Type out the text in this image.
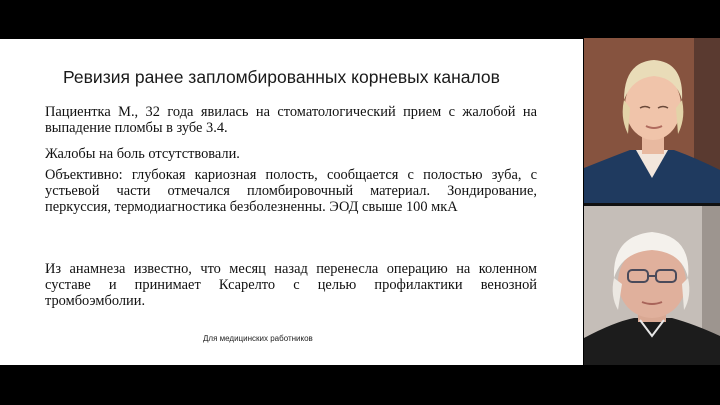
Ревизия ранее запломбированных корневых каналов
Пациентка М., 32 года явилась на стоматологический прием с жалобой на выпадение пломбы в зубе 3.4.
Жалобы на боль отсутствовали.
Объективно: глубокая кариозная полость, сообщается с полостью зуба, с устьевой части отмечался пломбировочный материал. Зондирование, перкуссия, термодиагностика безболезненны. ЭОД свыше 100 мкА
Из анамнеза известно, что месяц назад перенесла операцию на коленном суставе и принимает Ксарелто с целью профилактики венозной тромбоэмболии.
Для медицинских работников
